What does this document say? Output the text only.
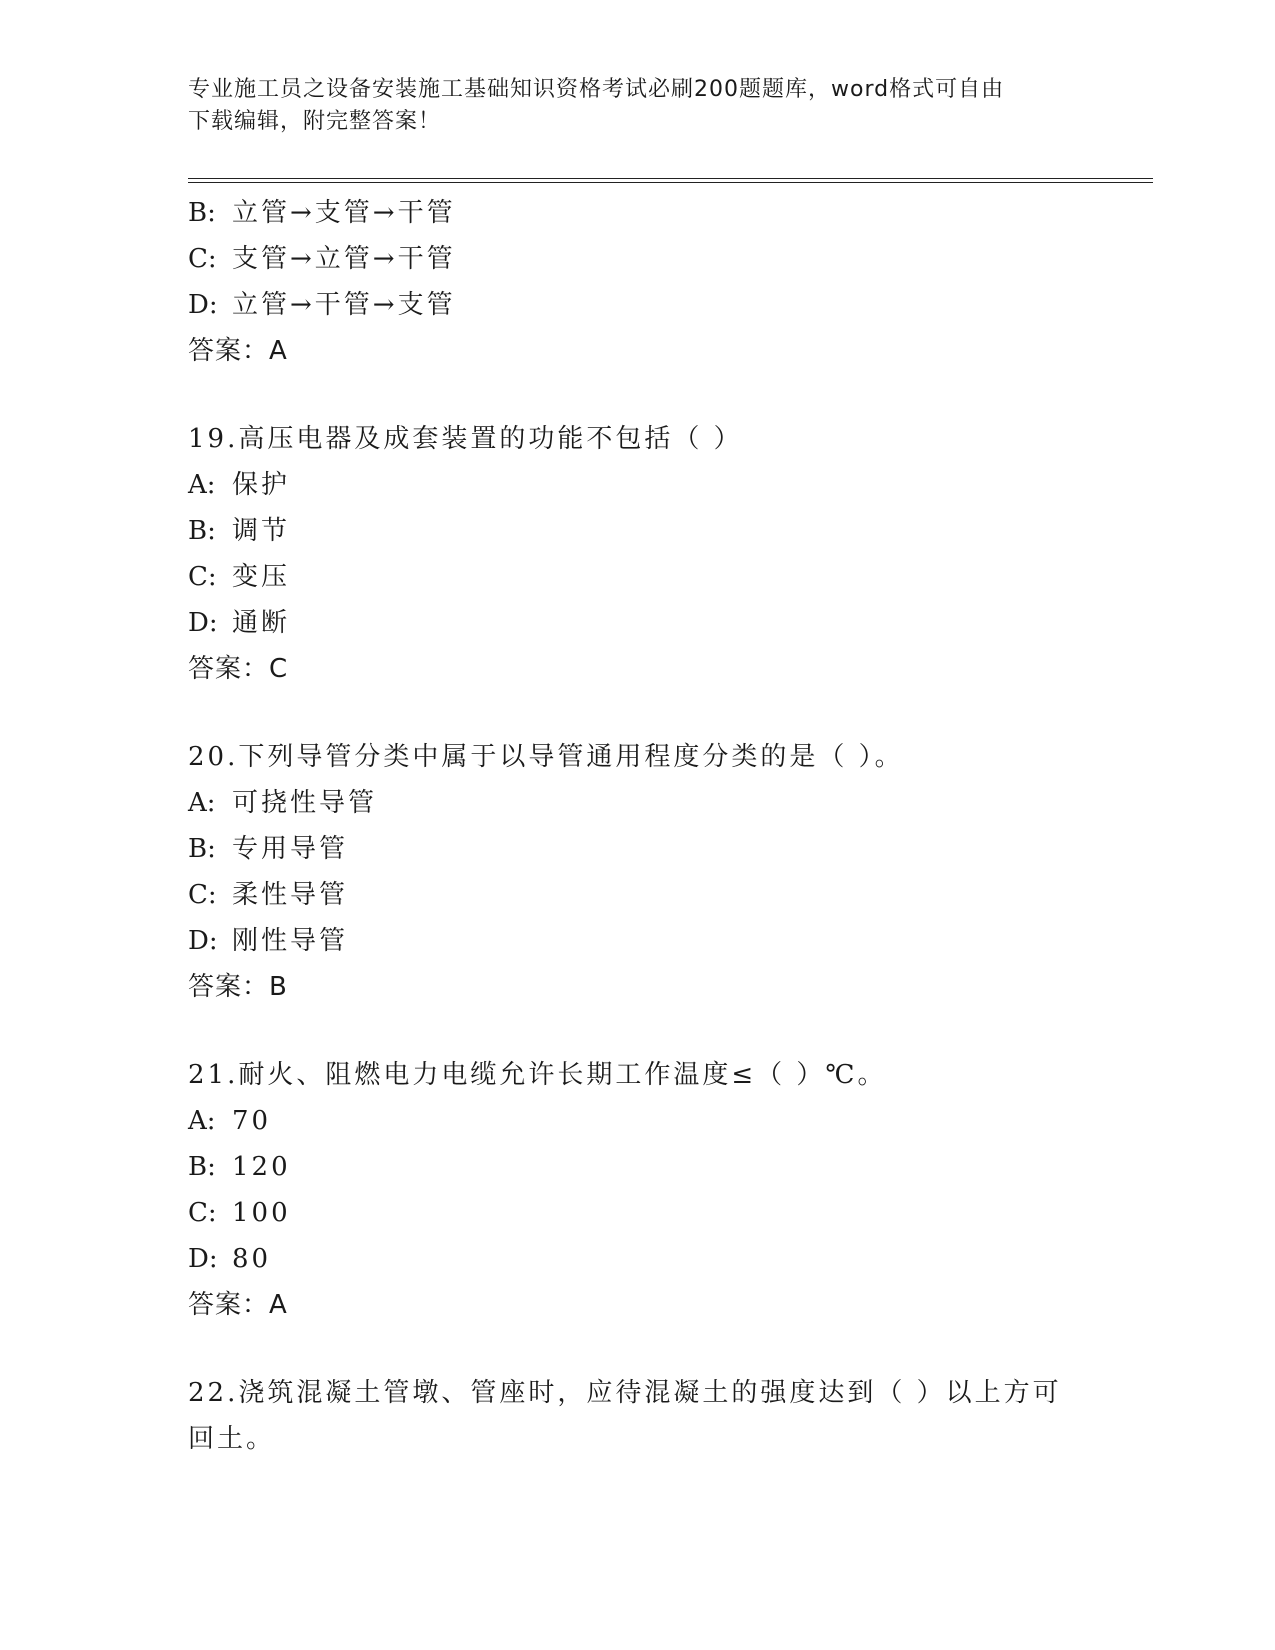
专业施工员之设备安装施工基础知识资格考试必刷200题题库，word格式可自由
下载编辑，附完整答案！
B: 立管→支管→干管
C: 支管→立管→干管
D: 立管→干管→支管
答案：A
19.高压电器及成套装置的功能不包括（ ）
A: 保护
B: 调节
C: 变压
D: 通断
答案：C
20.下列导管分类中属于以导管通用程度分类的是（ ）。
A: 可挠性导管
B: 专用导管
C: 柔性导管
D: 刚性导管
答案：B
21.耐火、阻燃电力电缆允许长期工作温度≤（ ）℃。
A: 70
B: 120
C: 100
D: 80
答案：A
22.浇筑混凝土管墩、管座时，应待混凝土的强度达到（ ）以上方可
回土。
